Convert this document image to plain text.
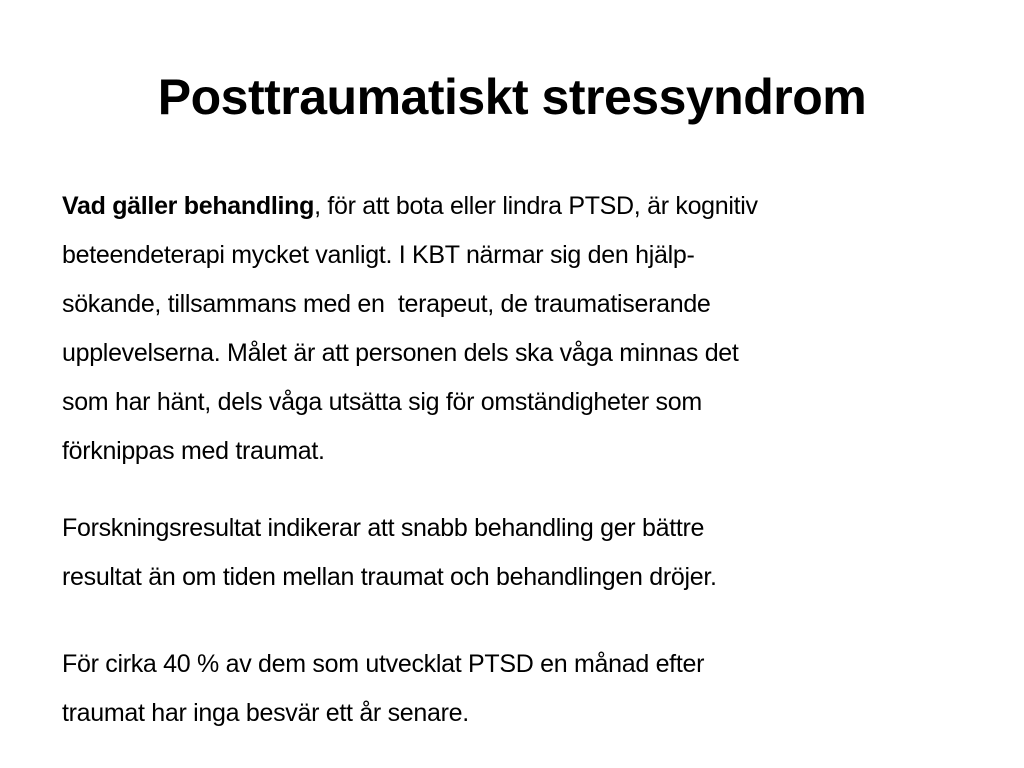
Posttraumatiskt stressyndrom

Vad gäller behandling, för att bota eller lindra PTSD, är kognitiv
beteendeterapi mycket vanligt. I KBT närmar sig den hjälp-
sökande, tillsammans med en  terapeut, de traumatiserande
upplevelserna. Målet är att personen dels ska våga minnas det
som har hänt, dels våga utsätta sig för omständigheter som
förknippas med traumat.

Forskningsresultat indikerar att snabb behandling ger bättre
resultat än om tiden mellan traumat och behandlingen dröjer.

För cirka 40 % av dem som utvecklat PTSD en månad efter
traumat har inga besvär ett år senare.
